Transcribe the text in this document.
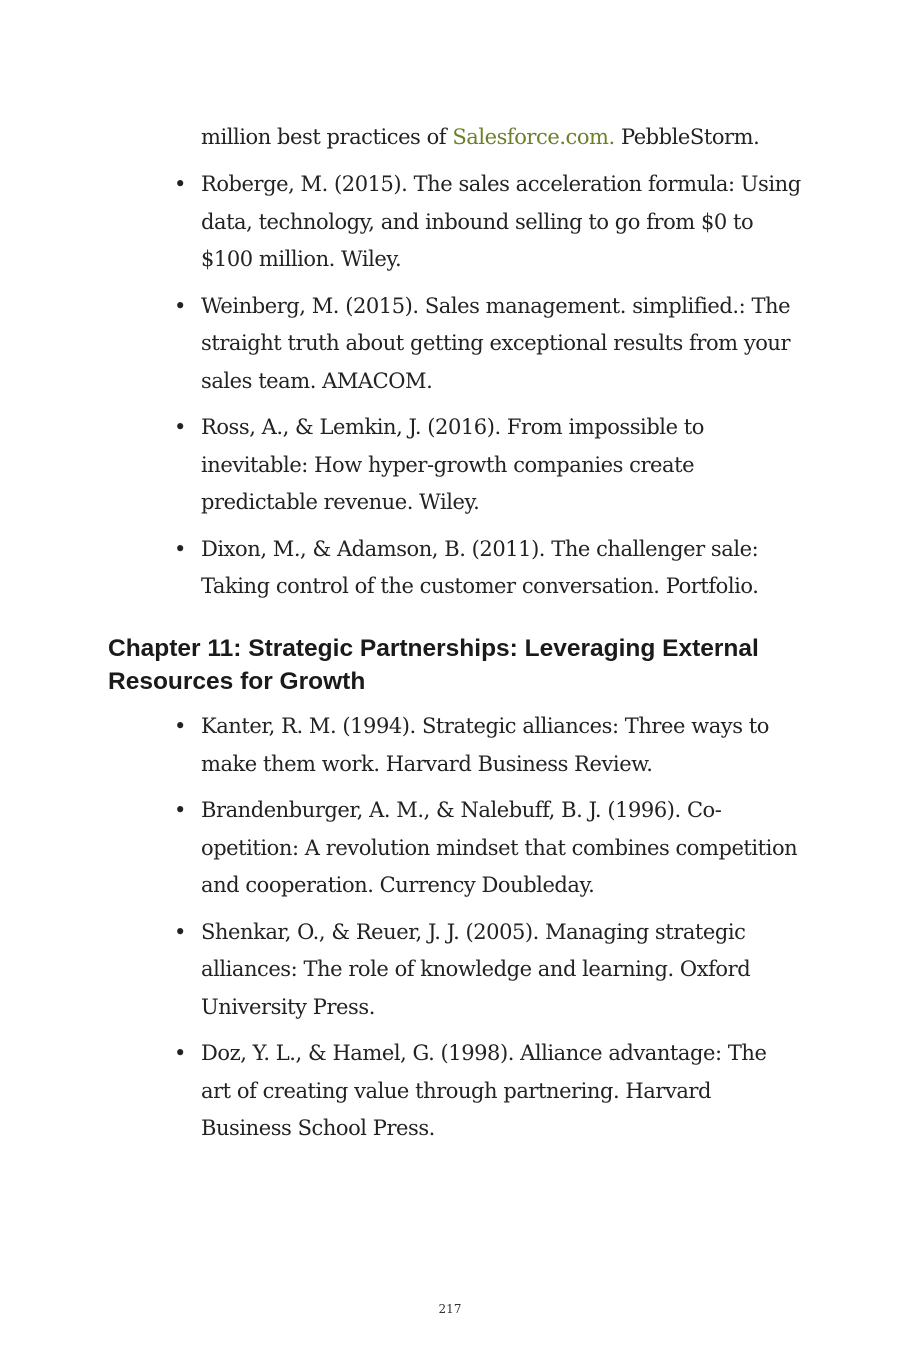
million best practices of Salesforce.com. PebbleStorm.

• Roberge, M. (2015). The sales acceleration formula: Using data, technology, and inbound selling to go from $0 to $100 million. Wiley.
• Weinberg, M. (2015). Sales management. simplified.: The straight truth about getting exceptional results from your sales team. AMACOM.
• Ross, A., & Lemkin, J. (2016). From impossible to inevitable: How hyper-growth companies create predictable revenue. Wiley.
• Dixon, M., & Adamson, B. (2011). The challenger sale: Taking control of the customer conversation. Portfolio.
Chapter 11: Strategic Partnerships: Leveraging External Resources for Growth
• Kanter, R. M. (1994). Strategic alliances: Three ways to make them work. Harvard Business Review.
• Brandenburger, A. M., & Nalebuff, B. J. (1996). Co-opetition: A revolution mindset that combines competition and cooperation. Currency Doubleday.
• Shenkar, O., & Reuer, J. J. (2005). Managing strategic alliances: The role of knowledge and learning. Oxford University Press.
• Doz, Y. L., & Hamel, G. (1998). Alliance advantage: The art of creating value through partnering. Harvard Business School Press.
217
